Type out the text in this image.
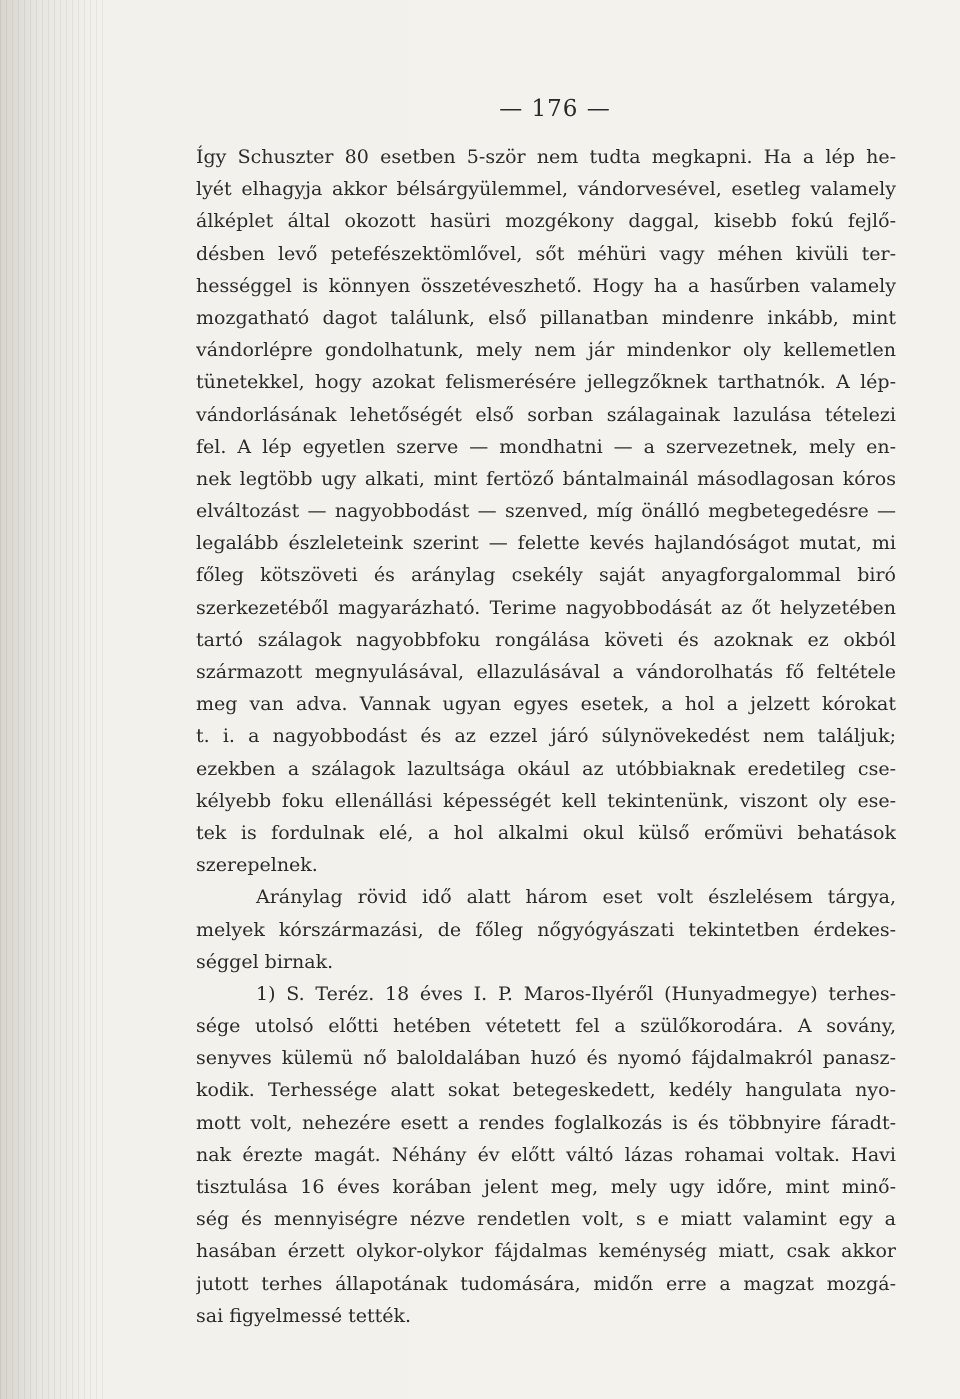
— 176 —
Így Schuszter 80 esetben 5-ször nem tudta megkapni. Ha a lép he-
lyét elhagyja akkor bélsárgyülemmel, vándorvesével, esetleg valamely
álképlet által okozott hasüri mozgékony daggal, kisebb fokú fejlő-
désben levő petefészektömlővel, sőt méhüri vagy méhen kivüli ter-
hességgel is könnyen összetéveszhető. Hogy ha a hasűrben valamely
mozgatható dagot találunk, első pillanatban mindenre inkább, mint
vándorlépre gondolhatunk, mely nem jár mindenkor oly kellemetlen
tünetekkel, hogy azokat felismerésére jellegzőknek tarthatnók. A lép-
vándorlásának lehetőségét első sorban szálagainak lazulása tételezi
fel. A lép egyetlen szerve — mondhatni — a szervezetnek, mely en-
nek legtöbb ugy alkati, mint fertöző bántalmainál másodlagosan kóros
elváltozást — nagyobbodást — szenved, míg önálló megbetegedésre —
legalább észleleteink szerint — felette kevés hajlandóságot mutat, mi
főleg kötszöveti és aránylag csekély saját anyagforgalommal biró
szerkezetéből magyarázható. Terime nagyobbodását az őt helyzetében
tartó szálagok nagyobbfoku rongálása követi és azoknak ez okból
származott megnyulásával, ellazulásával a vándorolhatás fő feltétele
meg van adva. Vannak ugyan egyes esetek, a hol a jelzett kórokat
t. i. a nagyobbodást és az ezzel járó súlynövekedést nem találjuk;
ezekben a szálagok lazultsága okául az utóbbiaknak eredetileg cse-
kélyebb foku ellenállási képességét kell tekintenünk, viszont oly ese-
tek is fordulnak elé, a hol alkalmi okul külső erőmüvi behatások
szerepelnek.
Aránylag rövid idő alatt három eset volt észlelésem tárgya,
melyek kórszármazási, de főleg nőgyógyászati tekintetben érdekes-
séggel birnak.
1) S. Teréz. 18 éves I. P. Maros-Ilyéről (Hunyadmegye) terhes-
sége utolsó előtti hetében vétetett fel a szülőkorodára. A sovány,
senyves külemü nő baloldalában huzó és nyomó fájdalmakról panasz-
kodik. Terhessége alatt sokat betegeskedett, kedély hangulata nyo-
mott volt, nehezére esett a rendes foglalkozás is és többnyire fáradt-
nak érezte magát. Néhány év előtt váltó lázas rohamai voltak. Havi
tisztulása 16 éves korában jelent meg, mely ugy időre, mint minő-
ség és mennyiségre nézve rendetlen volt, s e miatt valamint egy a
hasában érzett olykor-olykor fájdalmas keménység miatt, csak akkor
jutott terhes állapotának tudomására, midőn erre a magzat mozgá-
sai figyelmessé tették.
